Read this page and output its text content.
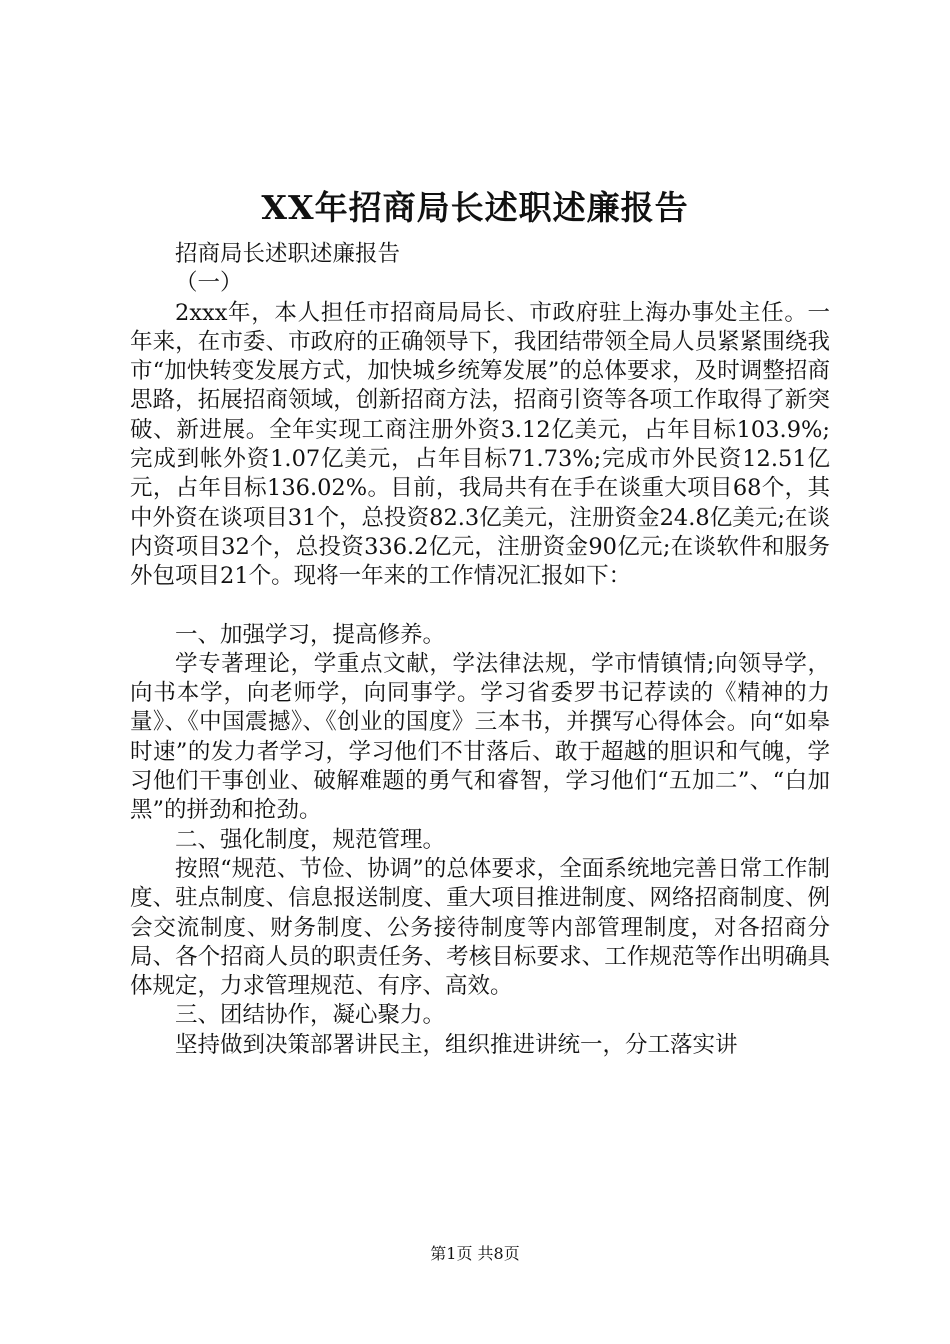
XX年招商局长述职述廉报告

招商局长述职述廉报告

（一）

2xxx年，本人担任市招商局局长、市政府驻上海办事处主任。一年来，在市委、市政府的正确领导下，我团结带领全局人员紧紧围绕我市“加快转变发展方式，加快城乡统筹发展”的总体要求，及时调整招商思路，拓展招商领域，创新招商方法，招商引资等各项工作取得了新突破、新进展。全年实现工商注册外资3.12亿美元，占年目标103.9%;完成到帐外资1.07亿美元，占年目标71.73%;完成市外民资12.51亿元，占年目标136.02%。目前，我局共有在手在谈重大项目68个，其中外资在谈项目31个，总投资82.3亿美元，注册资金24.8亿美元;在谈内资项目32个，总投资336.2亿元，注册资金90亿元;在谈软件和服务外包项目21个。现将一年来的工作情况汇报如下：

一、加强学习，提高修养。

学专著理论，学重点文献，学法律法规，学市情镇情;向领导学，向书本学，向老师学，向同事学。学习省委罗书记荐读的《精神的力量》、《中国震撼》、《创业的国度》三本书，并撰写心得体会。向“如皋时速”的发力者学习，学习他们不甘落后、敢于超越的胆识和气魄，学习他们干事创业、破解难题的勇气和睿智，学习他们“五加二”、“白加黑”的拼劲和抢劲。

二、强化制度，规范管理。

按照“规范、节俭、协调”的总体要求，全面系统地完善日常工作制度、驻点制度、信息报送制度、重大项目推进制度、网络招商制度、例会交流制度、财务制度、公务接待制度等内部管理制度，对各招商分局、各个招商人员的职责任务、考核目标要求、工作规范等作出明确具体规定，力求管理规范、有序、高效。

三、团结协作，凝心聚力。

坚持做到决策部署讲民主，组织推进讲统一，分工落实讲

第1页 共8页
